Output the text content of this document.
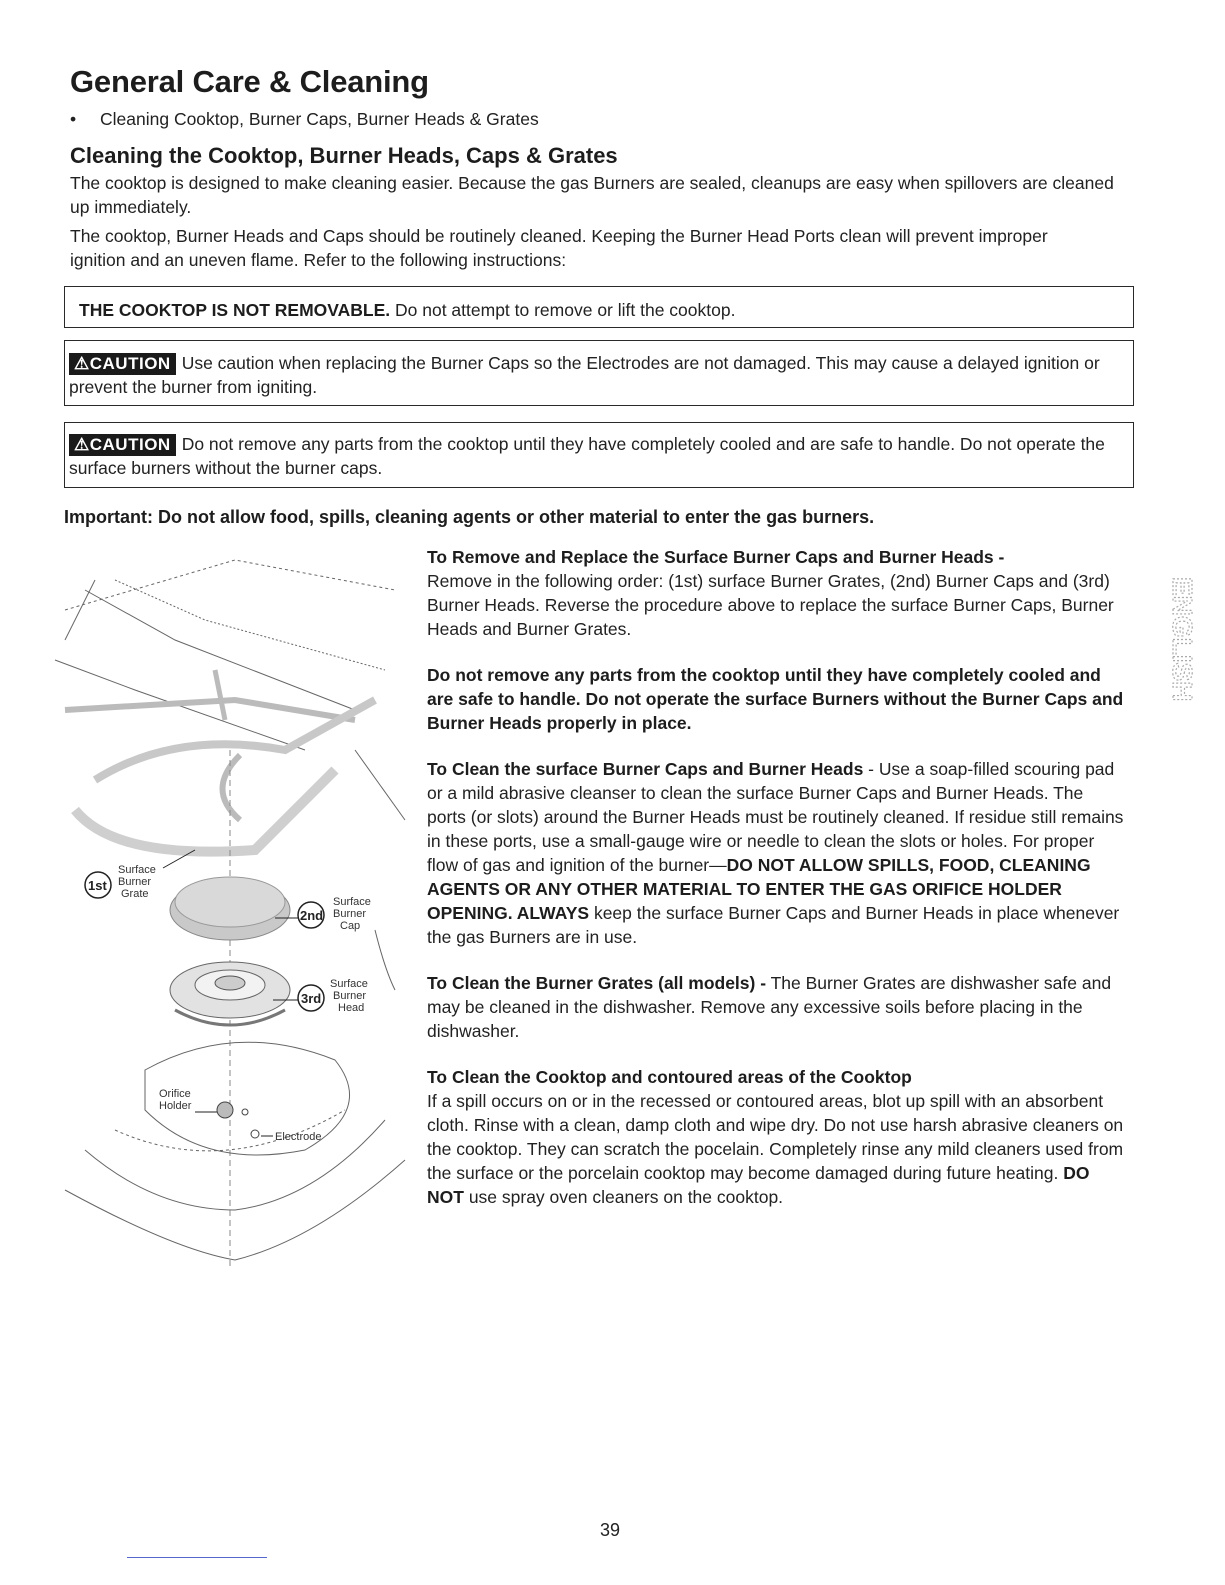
General Care & Cleaning
• Cleaning Cooktop, Burner Caps, Burner Heads & Grates
Cleaning the Cooktop, Burner Heads, Caps & Grates

The cooktop is designed to make cleaning easier. Because the gas Burners are sealed, cleanups are easy when spillovers are cleaned up immediately.

The cooktop, Burner Heads and Caps should be routinely cleaned. Keeping the Burner Head Ports clean will prevent improper ignition and an uneven flame. Refer to the following instructions:

THE COOKTOP IS NOT REMOVABLE. Do not attempt to remove or lift the cooktop.
⚠CAUTION Use caution when replacing the Burner Caps so the Electrodes are not damaged. This may cause a delayed ignition or prevent the burner from igniting.
⚠CAUTION Do not remove any parts from the cooktop until they have completely cooled and are safe to handle. Do not operate the surface burners without the burner caps.
Important: Do not allow food, spills, cleaning agents or other material to enter the gas burners.
1st
Surface
Burner
Grate
2nd
Surface
Burner
Cap
3rd
Surface
Burner
Head
Orifice
Holder
Electrode

To Remove and Replace the Surface Burner Caps and Burner Heads -
Remove in the following order: (1st) surface Burner Grates, (2nd) Burner Caps and (3rd) Burner Heads. Reverse the procedure above to replace the surface Burner Caps, Burner Heads and Burner Grates.

Do not remove any parts from the cooktop until they have completely cooled and are safe to handle. Do not operate the surface Burners without the Burner Caps and Burner Heads properly in place.

To Clean the surface Burner Caps and Burner Heads - Use a soap-filled scouring pad or a mild abrasive cleanser to clean the surface Burner Caps and Burner Heads. The ports (or slots) around the Burner Heads must be routinely cleaned. If residue still remains in these ports, use a small-gauge wire or needle to clean the slots or holes. For proper flow of gas and ignition of the burner—DO NOT ALLOW SPILLS, FOOD, CLEANING AGENTS OR ANY OTHER MATERIAL TO ENTER THE GAS ORIFICE HOLDER OPENING. ALWAYS keep the surface Burner Caps and Burner Heads in place whenever the gas Burners are in use.

To Clean the Burner Grates (all models) - The Burner Grates are dishwasher safe and may be cleaned in the dishwasher. Remove any excessive soils before placing in the dishwasher.

To Clean the Cooktop and contoured areas of the Cooktop
If a spill occurs on or in the recessed or contoured areas, blot up spill with an absorbent cloth. Rinse with a clean, damp cloth and wipe dry. Do not use harsh abrasive cleaners on the cooktop. They can scratch the pocelain. Completely rinse any mild cleaners used from the surface or the porcelain cooktop may become damaged during future heating. DO NOT use spray oven cleaners on the cooktop.

ENGLISH
39
